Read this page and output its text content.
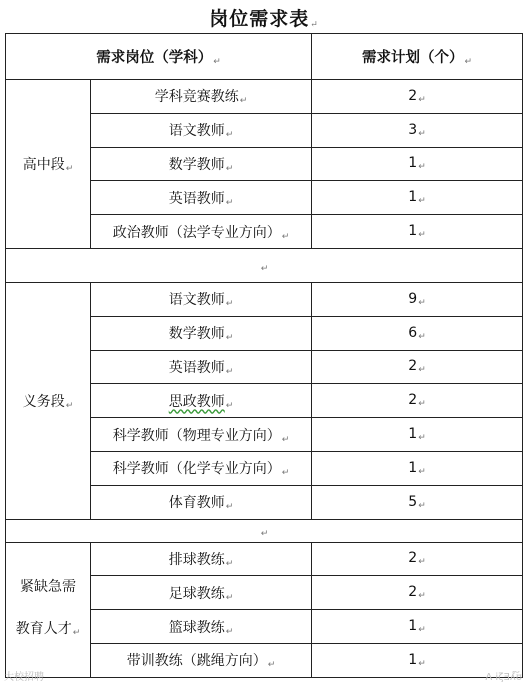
岗位需求表↵
需求岗位（学科）↵		需求计划（个）↵
高中段↵	学科竞赛教练↵	2↵
	语文教师↵	3↵
	数学教师↵	1↵
	英语教师↵	1↵
	政治教师（法学专业方向）↵	1↵
↵		
义务段↵	语文教师↵	9↵
	数学教师↵	6↵
	英语教师↵	2↵
	思政教师↵	2↵
	科学教师（物理专业方向）↵	1↵
	科学教师（化学专业方向）↵	1↵
	体育教师↵	5↵
↵		
紧缺急需
教育人才↵	排球教练↵	2↵
	足球教练↵	2↵
	篮球教练↵	1↵
	带训教练（跳绳方向）↵	1↵
大校招聘	Ʌ iζƎʎ͠ʊ
